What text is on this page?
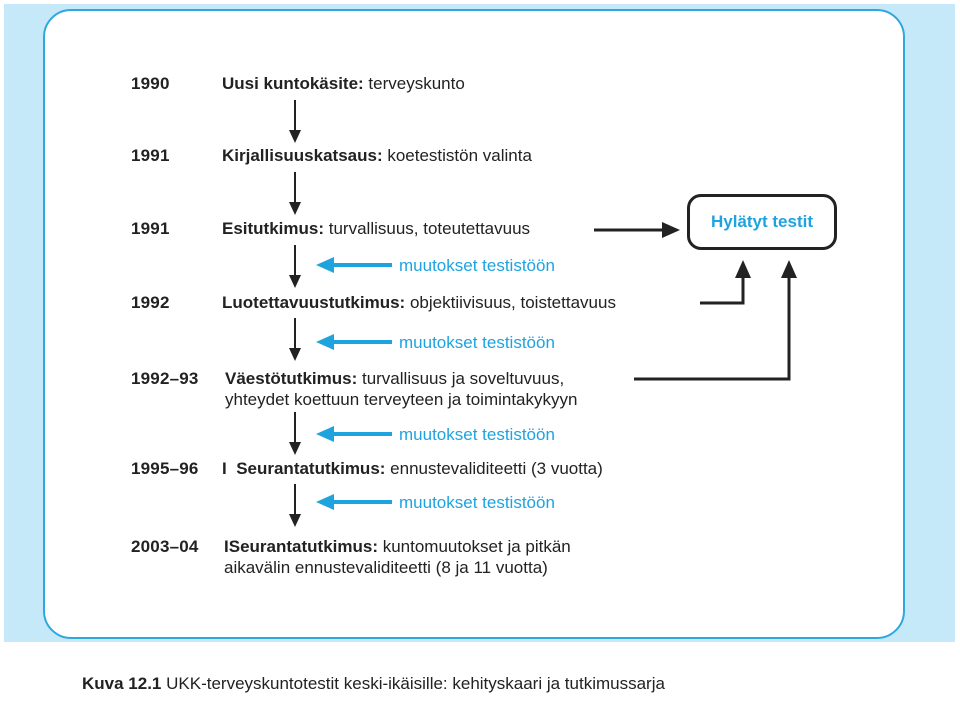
1990
1991
1991
1992
1992–93
1995–96
2003–04
Uusi kuntokäsite: terveyskunto
Kirjallisuuskatsaus: koetestistön valinta
Esitutkimus: turvallisuus, toteutettavuus
Luotettavuustutkimus: objektiivisuus, toistettavuus
Väestötutkimus: turvallisuus ja soveltuvuus,
yhteydet koettuun terveyteen ja toimintakykyyn
I Seurantatutkimus: ennustevaliditeetti (3 vuotta)
ISeurantatutkimus: kuntomuutokset ja pitkän
aikavälin ennustevaliditeetti (8 ja 11 vuotta)
muutokset testistöön
muutokset testistöön
muutokset testistöön
muutokset testistöön
Hylätyt testit
Kuva 12.1 UKK-terveyskuntotestit keski-ikäisille: kehityskaari ja tutkimussarja
